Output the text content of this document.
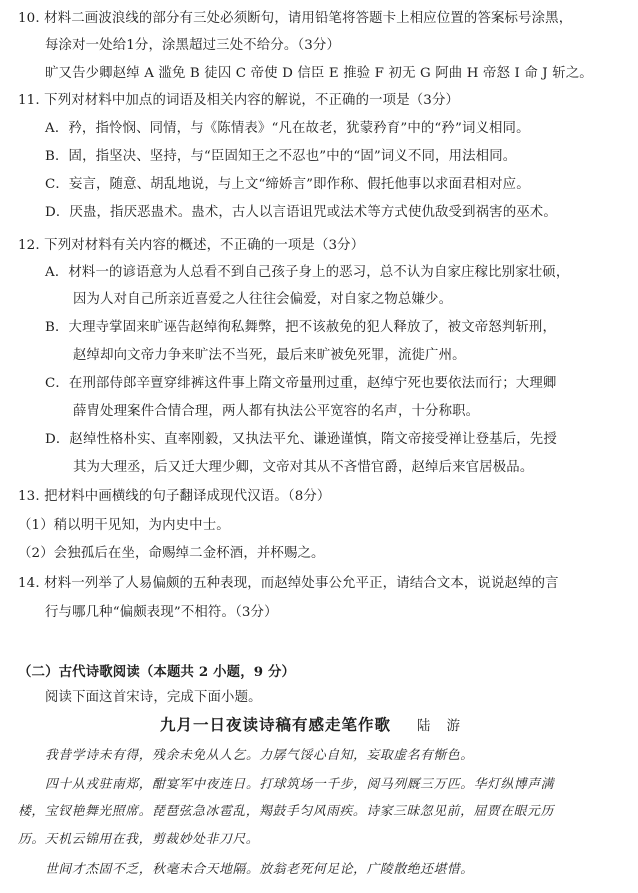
10. 材料二画波浪线的部分有三处必须断句，请用铅笔将答题卡上相应位置的答案标号涂黑，
每涂对一处给1分，涂黑超过三处不给分。（3分）
旷又告少卿赵绰 A 滥免 B 徒囚 C 帝使 D 信臣 E 推验 F 初无 G 阿曲 H 帝怒 I 命 J 斩之。
11. 下列对材料中加点的词语及相关内容的解说，不正确的一项是（3分）
A．矜，指怜悯、同情，与《陈情表》“凡在故老，犹蒙矜育”中的“矜”词义相同。
B．固，指坚决、坚持，与“臣固知王之不忍也”中的“固”词义不同，用法相同。
C．妄言，随意、胡乱地说，与上文“缔娇言”即作称、假托他事以求面君相对应。
D．厌蛊，指厌恶蛊术。蛊术，古人以言语诅咒或法术等方式使仇敌受到祸害的巫术。
12. 下列对材料有关内容的概述，不正确的一项是（3分）
A．材料一的谚语意为人总看不到自己孩子身上的恶习，总不认为自家庄稼比别家壮硕，
因为人对自己所亲近喜爱之人往往会偏爱，对自家之物总嫌少。
B．大理寺掌固来旷诬告赵绰徇私舞弊，把不该赦免的犯人释放了，被文帝怒判斩刑，
赵绰却向文帝力争来旷法不当死，最后来旷被免死罪，流徙广州。
C．在刑部侍郎辛亶穿绯裤这件事上隋文帝量刑过重，赵绰宁死也要依法而行；大理卿
薛胄处理案件合情合理，两人都有执法公平宽容的名声，十分称职。
D．赵绰性格朴实、直率刚毅，又执法平允、谦逊谨慎，隋文帝接受禅让登基后，先授
其为大理丞，后又迁大理少卿，文帝对其从不吝惜官爵，赵绰后来官居极品。
13. 把材料中画横线的句子翻译成现代汉语。（8分）
（1）稍以明干见知，为内史中士。
（2）会独孤后在坐，命赐绰二金杯酒，并杯赐之。
14. 材料一列举了人易偏颇的五种表现，而赵绰处事公允平正，请结合文本，说说赵绰的言
行与哪几种“偏颇表现”不相符。（3分）
（二）古代诗歌阅读（本题共 2 小题，9 分）
阅读下面这首宋诗，完成下面小题。
九月一日夜读诗稿有感走笔作歌 陆 游
我昔学诗未有得，残余未免从人乞。力孱气馁心自知，妄取虚名有惭色。
四十从戎驻南郑，酣宴军中夜连日。打球筑场一千步，阅马列厩三万匹。华灯纵博声满
楼，宝钗艳舞光照席。琵琶弦急冰雹乱，羯鼓手匀风雨疾。诗家三昧忽见前，屈贾在眼元历
历。天机云锦用在我，剪裁妙处非刀尺。
世间才杰固不乏，秋毫未合天地隔。放翁老死何足论，广陵散绝还堪惜。
